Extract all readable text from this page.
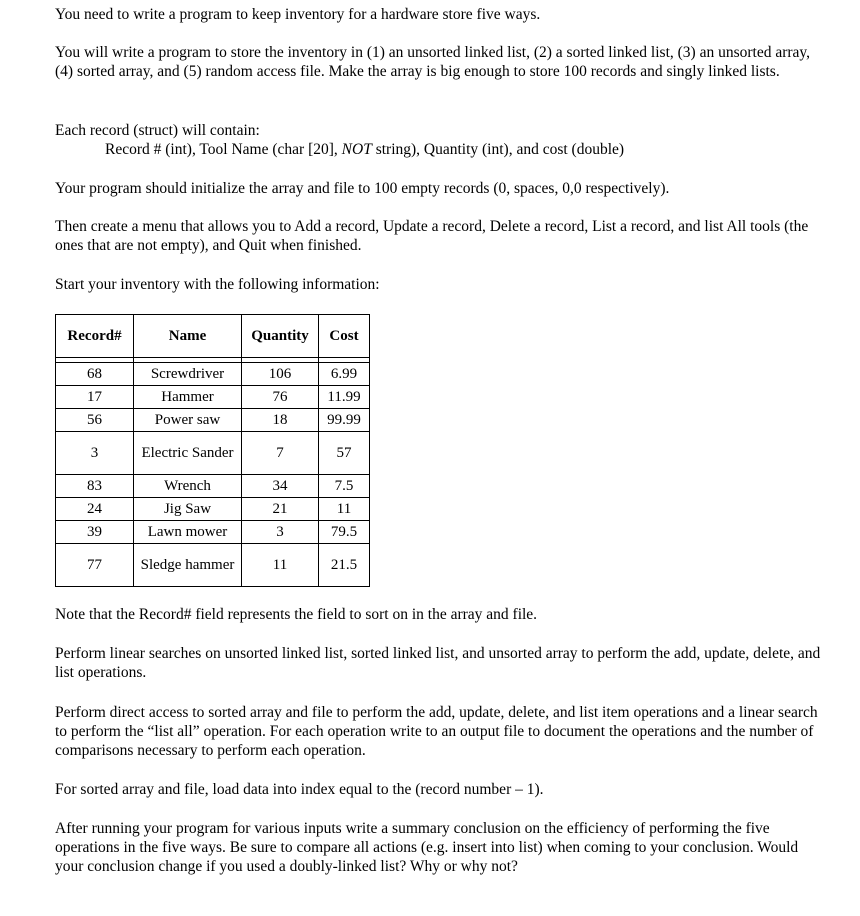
You need to write a program to keep inventory for a hardware store five ways.

You will write a program to store the inventory in (1) an unsorted linked list, (2) a sorted linked list, (3) an unsorted array, (4) sorted array, and (5) random access file. Make the array is big enough to store 100 records and singly linked lists.

Each record (struct) will contain:

Record # (int), Tool Name (char [20], NOT string), Quantity (int), and cost (double)

Your program should initialize the array and file to 100 empty records (0, spaces, 0,0 respectively).

Then create a menu that allows you to Add a record, Update a record, Delete a record, List a record, and list All tools (the ones that are not empty), and Quit when finished.

Start your inventory with the following information:

Record#	Name	Quantity	Cost

68	Screwdriver	106	6.99
17	Hammer	76	11.99
56	Power saw	18	99.99
3	Electric Sander	7	57
83	Wrench	34	7.5
24	Jig Saw	21	11
39	Lawn mower	3	79.5
77	Sledge hammer	11	21.5

Note that the Record# field represents the field to sort on in the array and file.

Perform linear searches on unsorted linked list, sorted linked list, and unsorted array to perform the add, update, delete, and list operations.

Perform direct access to sorted array and file to perform the add, update, delete, and list item operations and a linear search to perform the “list all” operation. For each operation write to an output file to document the operations and the number of comparisons necessary to perform each operation.

For sorted array and file, load data into index equal to the (record number – 1).

After running your program for various inputs write a summary conclusion on the efficiency of performing the five operations in the five ways. Be sure to compare all actions (e.g. insert into list) when coming to your conclusion. Would your conclusion change if you used a doubly-linked list? Why or why not?
